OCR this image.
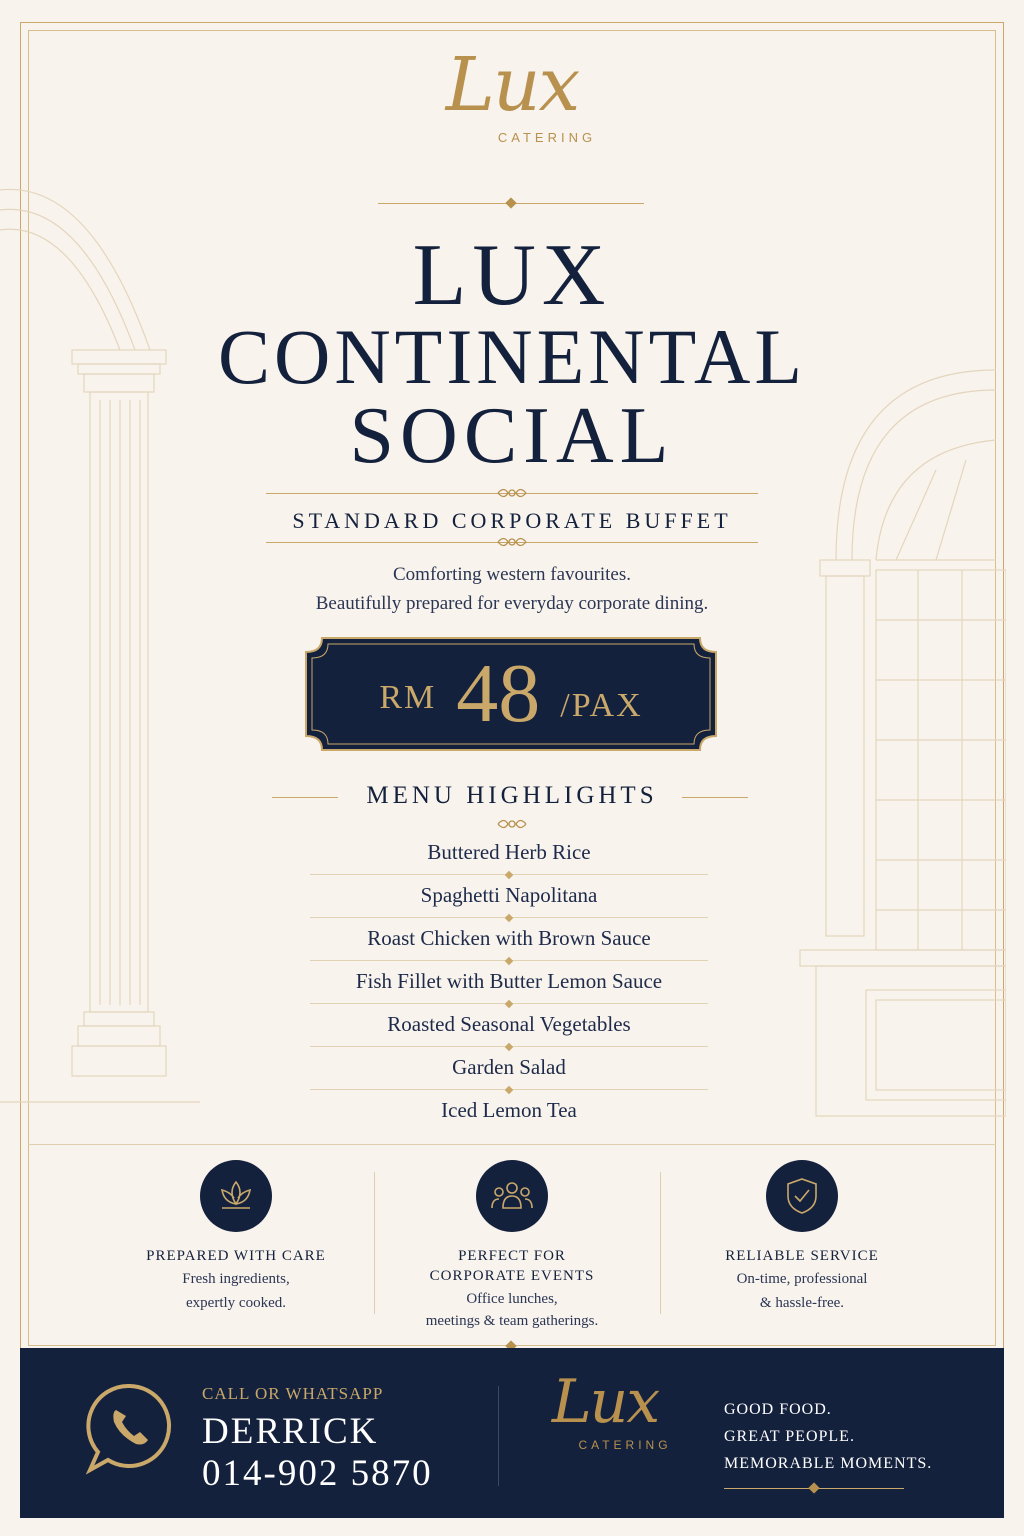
Lux
CATERING
LUX
CONTINENTAL
SOCIAL
STANDARD CORPORATE BUFFET
Comforting western favourites.
Beautifully prepared for everyday corporate dining.
RM 48 /PAX
MENU HIGHLIGHTS
Buttered Herb Rice
Spaghetti Napolitana
Roast Chicken with Brown Sauce
Fish Fillet with Butter Lemon Sauce
Roasted Seasonal Vegetables
Garden Salad
Iced Lemon Tea
PREPARED WITH CARE
Fresh ingredients,
expertly cooked.
PERFECT FOR
CORPORATE EVENTS
Office lunches,
meetings & team gatherings.
RELIABLE SERVICE
On-time, professional
& hassle-free.
CALL OR WHATSAPP
DERRICK
014-902 5870
Lux
CATERING
GOOD FOOD.
GREAT PEOPLE.
MEMORABLE MOMENTS.
